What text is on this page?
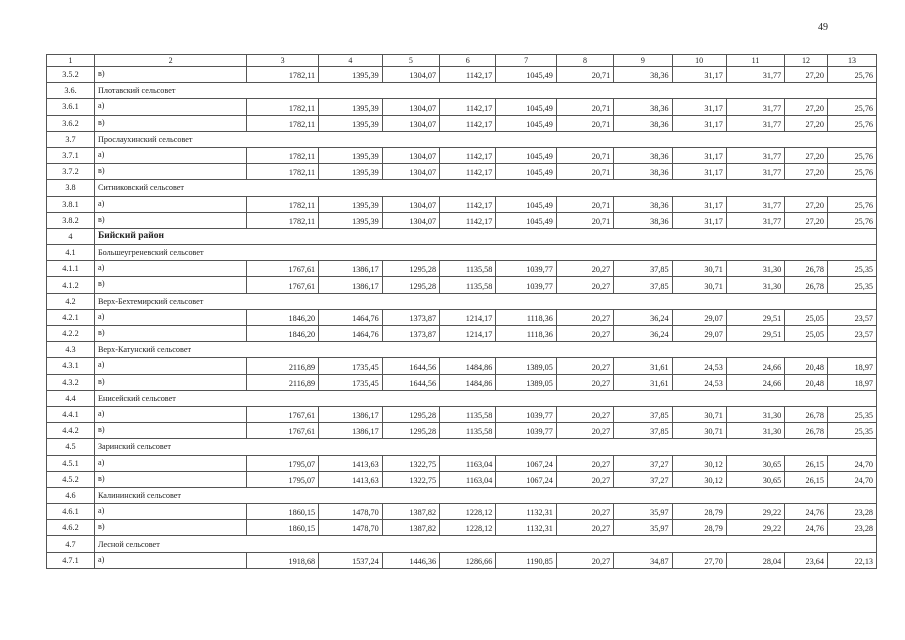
49
1	2	3	4	5	6	7	8	9	10	11	12	13
3.5.2	в)	1782,11	1395,39	1304,07	1142,17	1045,49	20,71	38,36	31,17	31,77	27,20	25,76
3.6.	Плотавский сельсовет											
3.6.1	а)	1782,11	1395,39	1304,07	1142,17	1045,49	20,71	38,36	31,17	31,77	27,20	25,76
3.6.2	в)	1782,11	1395,39	1304,07	1142,17	1045,49	20,71	38,36	31,17	31,77	27,20	25,76
3.7	Прослаухинский сельсовет											
3.7.1	а)	1782,11	1395,39	1304,07	1142,17	1045,49	20,71	38,36	31,17	31,77	27,20	25,76
3.7.2	в)	1782,11	1395,39	1304,07	1142,17	1045,49	20,71	38,36	31,17	31,77	27,20	25,76
3.8	Ситниковский сельсовет											
3.8.1	а)	1782,11	1395,39	1304,07	1142,17	1045,49	20,71	38,36	31,17	31,77	27,20	25,76
3.8.2	в)	1782,11	1395,39	1304,07	1142,17	1045,49	20,71	38,36	31,17	31,77	27,20	25,76
4	Бийский район											
4.1	Большеугреневский сельсовет											
4.1.1	а)	1767,61	1386,17	1295,28	1135,58	1039,77	20,27	37,85	30,71	31,30	26,78	25,35
4.1.2	в)	1767,61	1386,17	1295,28	1135,58	1039,77	20,27	37,85	30,71	31,30	26,78	25,35
4.2	Верх-Бехтемирский сельсовет											
4.2.1	а)	1846,20	1464,76	1373,87	1214,17	1118,36	20,27	36,24	29,07	29,51	25,05	23,57
4.2.2	в)	1846,20	1464,76	1373,87	1214,17	1118,36	20,27	36,24	29,07	29,51	25,05	23,57
4.3	Верх-Катунский сельсовет											
4.3.1	а)	2116,89	1735,45	1644,56	1484,86	1389,05	20,27	31,61	24,53	24,66	20,48	18,97
4.3.2	в)	2116,89	1735,45	1644,56	1484,86	1389,05	20,27	31,61	24,53	24,66	20,48	18,97
4.4	Енисейский сельсовет											
4.4.1	а)	1767,61	1386,17	1295,28	1135,58	1039,77	20,27	37,85	30,71	31,30	26,78	25,35
4.4.2	в)	1767,61	1386,17	1295,28	1135,58	1039,77	20,27	37,85	30,71	31,30	26,78	25,35
4.5	Заринский сельсовет											
4.5.1	а)	1795,07	1413,63	1322,75	1163,04	1067,24	20,27	37,27	30,12	30,65	26,15	24,70
4.5.2	в)	1795,07	1413,63	1322,75	1163,04	1067,24	20,27	37,27	30,12	30,65	26,15	24,70
4.6	Калининский сельсовет											
4.6.1	а)	1860,15	1478,70	1387,82	1228,12	1132,31	20,27	35,97	28,79	29,22	24,76	23,28
4.6.2	в)	1860,15	1478,70	1387,82	1228,12	1132,31	20,27	35,97	28,79	29,22	24,76	23,28
4.7	Лесной сельсовет											
4.7.1	а)	1918,68	1537,24	1446,36	1286,66	1190,85	20,27	34,87	27,70	28,04	23,64	22,13
